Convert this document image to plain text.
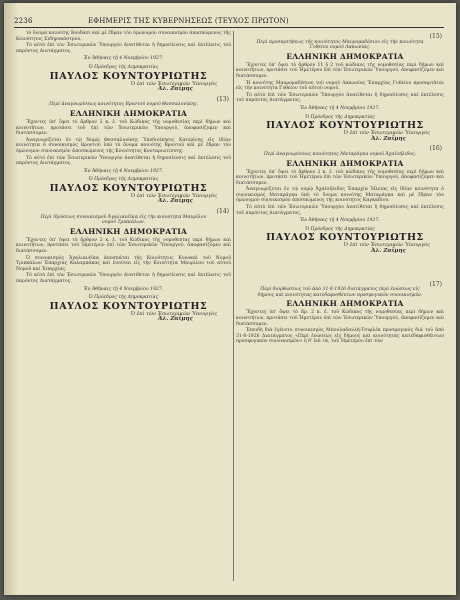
2236	ΕΦΗΜΕΡΙΣ ΤΗΣ ΚΥΒΕΡΝΗΣΕΩΣ (ΤΕΥΧΟΣ ΠΡΩΤΟΝ)

τὸ ὄνομα κοινότης Βουδάσι καὶ μὲ ἕδραν τὸν ὁμώνυμον συνοικισμὸν ἀποσπώμενος τῆς Κοινότητος Σιδηροκάστρου.

Τὸ αὐτὸ ἐπὶ τὸν Ἐσωτερικῶν Ὑπουργὸν ἀνατίθεται ἡ δημοσίευσις καὶ ἐκτέλεσις τοῦ παρόντος Διατάγματος.

Ἐν Ἀθήναις τῇ 4 Νοεμβρίου 1927.

Ὁ Πρόεδρος τῆς Δημοκρατίας

ΠΑΥΛΟΣ ΚΟΥΝΤΟΥΡΙΩΤΗΣ

Ὁ ἐπὶ τῶν Ἐσωτερικῶν Ὑπουργὸς

Ἀλ. Ζαΐμης

(13)

Περὶ ἀναγνωρίσεως κοινότητος Βροντοῦ νομοῦ Θεσσαλονίκης.

ΕΛΛΗΝΙΚΗ ΔΗΜΟΚΡΑΤΙΑ

Ἔχοντες ὑπ' ὄψει τὸ ἄρθρον 2 κ. ἐ. τοῦ Κώδικος τῆς νομοθεσίας περὶ δήμων καὶ κοινοτήτων, προτάσει τοῦ ἐπὶ τῶν Ἐσωτερικῶν Ὑπουργοῦ, ἀποφασίζομεν καὶ διατάσσομεν.

Ἀναγνωρίζεται ἐν τῷ Νομῷ Θεσσαλονίκης Ὑποδιοίκησις Κατερίνης εἰς ἰδίαν κοινότητα ὁ συνοικισμὸς Βροντοῦ ὑπὸ τὸ ὄνομα κοινότης Βροντοῦ καὶ μὲ ἕδραν τὸν ὁμώνυμον συνοικισμὸν ἀποσπώμενος τῆς Κοινότητος Κονταριωτίσσης.

Τὸ αὐτὸ ἐπὶ τῶν Ἐσωτερικῶν Ὑπουργὸν ἀνατίθεται ἡ δημοσίευσις καὶ ἐκτέλεσις τοῦ παρόντος Διατάγματος.

Ἐν Ἀθήναις τῇ 4 Νοεμβρίου 1927.

Ὁ Πρόεδρος τῆς Δημοκρατίας

ΠΑΥΛΟΣ ΚΟΥΝΤΟΥΡΙΩΤΗΣ

Ὁ ἐπὶ τῶν Ἐσωτερικῶν Ὑπουργὸς

Ἀλ. Ζαΐμης

(14)

Περὶ ἰδρύσεως συνοικισμοῦ Ἀγαλιανέϊκα εἰς τὴν κοινότητα Μαυρίλου νομοῦ Τρικκάλων.

ΕΛΛΗΝΙΚΗ ΔΗΜΟΚΡΑΤΙΑ

Ἔχοντες ὑπ' ὄψει τὸ ἄρθρον 2 κ. ἐ. τοῦ Κώδικος τῆς νομοθεσίας περὶ δήμων καὶ κοινοτήτων, προτάσει τοῦ Ἡμετέρου ἐπὶ τῶν Ἐσωτερικῶν Ὑπουργοῦ, ἀποφασίζομεν καὶ διατάσσομεν.

Ὁ συνοικισμὸς Ἀγαλιανέϊκα ἀποσπᾶται τῆς Κοινότητος Κυνοκαὶ τοῦ Νομοῦ Τρικκάλων Ἐπαρχίας Καλαμπάκας καὶ ἑνοῦται εἰς τὴν Κοινότητα Μαυρίλου τοῦ αὐτοῦ Νομοῦ καὶ Ἐπαρχίας.

Τὸ αὐτὸ ἐπὶ τὸν Ἐσωτερικῶν Ὑπουργὸν ἀνατίθεται ἡ δημοσίευσις καὶ ἐκτέλεσις τοῦ παρόντος Διατάγματος.

Ἐν Ἀθήναις τῇ 4 Νοεμβρίου 1927.

Ὁ Πρόεδρος τῆς Δημοκρατίας

ΠΑΥΛΟΣ ΚΟΥΝΤΟΥΡΙΩΤΗΣ

Ὁ ἐπὶ τῶν Ἐσωτερικῶν Ὑπουργὸς

Ἀλ. Ζαΐμης

(15)

Περὶ προσαρτήσεως τῆς κοινότητος Μαυρομαδέσιου εἰς τὴν κοινότητα Γυθείου νομοῦ Λακωνίας.

ΕΛΛΗΝΙΚΗ ΔΗΜΟΚΡΑΤΙΑ

Ἔχοντες ὑπ' ὄψει τὸ ἄρθρον 11 § 2 τοῦ κώδικος τῆς νομοθεσίας περὶ δήμων καὶ κοινοτήτων, προτάσει τοῦ Ἡμετέρου ἐπὶ τῶν Ἐσωτερικῶν Ὑπουργοῦ, ἀποφασίζομεν καὶ διατάσσομεν.

Ἡ κοινότης Μαυρομαδέσιου τοῦ νομοῦ Λακωνίας Ἐπαρχίας Γυθείου προσαρτᾶται εἰς τὴν κοινότητα Γυθείου τοῦ αὐτοῦ νομοῦ.

Τὸ αὐτὸ ἐπὶ τῶν Ἐσωτερικῶν Ὑπουργὸν ἀνατίθεται ἡ δημοσίευσις καὶ ἐκτέλεσις τοῦ παρόντος Διατάγματος.

Ἐν Ἀθήναις τῇ 4 Νοεμβρίου 1927.

Ὁ Πρόεδρος τῆς Δημοκρατίας

ΠΑΥΛΟΣ ΚΟΥΝΤΟΥΡΙΩΤΗΣ

Ὁ ἐπὶ τῶν Ἐσωτερικῶν Ὑπουργὸς

Ἀλ. Ζαΐμης

(16)

Περὶ ἀναγνωρίσεως κοινότητος Ματαράγκα νομοῦ Ἀχαϊοήλιδος.

ΕΛΛΗΝΙΚΗ ΔΗΜΟΚΡΑΤΙΑ

Ἔχοντες ὑπ' ὄψει τὸ ἄρθρον 2 κ. ἐ. τοῦ κώδικος τῆς νομοθεσίας περὶ δήμων καὶ κοινοτήτων, προτάσει τοῦ Ἡμετέρου ἐπὶ τῶν Ἐσωτερικῶν Ὑπουργοῦ, ἀποφασίζομεν καὶ διατάσσομεν.

Ἀναγνωρίζεται ἐν τῷ νομῷ Ἀχαϊοήλιδος Ἐπαρχία Ἠλείας εἰς ἰδίαν κοινότητα ὁ συνοικισμὸς Ματαράγκα ὑπὸ τὸ ὄνομα κοινότης Ματαράγκα καὶ μὲ ἕδραν τὸν ὁμώνυμον συνοικισμὸν ἀποσπώμενος τῆς κοινότητος Καγκαδίου.

Τὸ αὐτὸ ἐπὶ τῶν Ἐσωτερικῶν Ὑπουργὸν ἀνατίθεται ἡ δημοσίευσις καὶ ἐκτέλεσις τοῦ παρόντος Διατάγματος.

Ἐν Ἀθήναις τῇ 4 Νοεμβρίου 1927.

Ὁ Πρόεδρος τῆς Δημοκρατίας

ΠΑΥΛΟΣ ΚΟΥΝΤΟΥΡΙΩΤΗΣ

Ὁ ἐπὶ τῶν Ἐσωτερικῶν Ὑπουργὸς

Ἀλ. Ζαΐμης

(17)

Περὶ διορθώσεως τοῦ ἀπὸ 31-8-1926 διατάγματος περὶ ἑνώσεως εἰς δήμους καὶ κοινότητας κατεδαφισθέντων προσφυγικῶν συνοικισμῶν.

ΕΛΛΗΝΙΚΗ ΔΗΜΟΚΡΑΤΙΑ

Ἔχοντες ὑπ' ὄψει τὸ ἄρ. 2 κ. ἐ. τοῦ Κώδικος τῆς νομοθεσίας περὶ δήμων καὶ κοινοτήτων, προτάσει τοῦ Ἡμετέρου ἐπὶ τῶν Ἐσωτερικῶν Ὑπουργοῦ, ἀποφασίζομεν καὶ διατάσσομεν.

Ἐπειδὴ διὰ ἐγένετο συνοικισμὸς Μπουλαδανλὴ-Τσιφλὲκ προσφυγικός διὰ τοῦ ἀπὸ 31-8-1926 Διατάγματος «Περὶ ἑνώσεως εἰς δήμους καὶ κοινότητας κατεδαφισθέντων προσφυγικῶν συνοικισμῶν» ἡ δ' ἐπὶ τὰ, τοῦ Ἡμετέρου ἐπὶ τῶν
